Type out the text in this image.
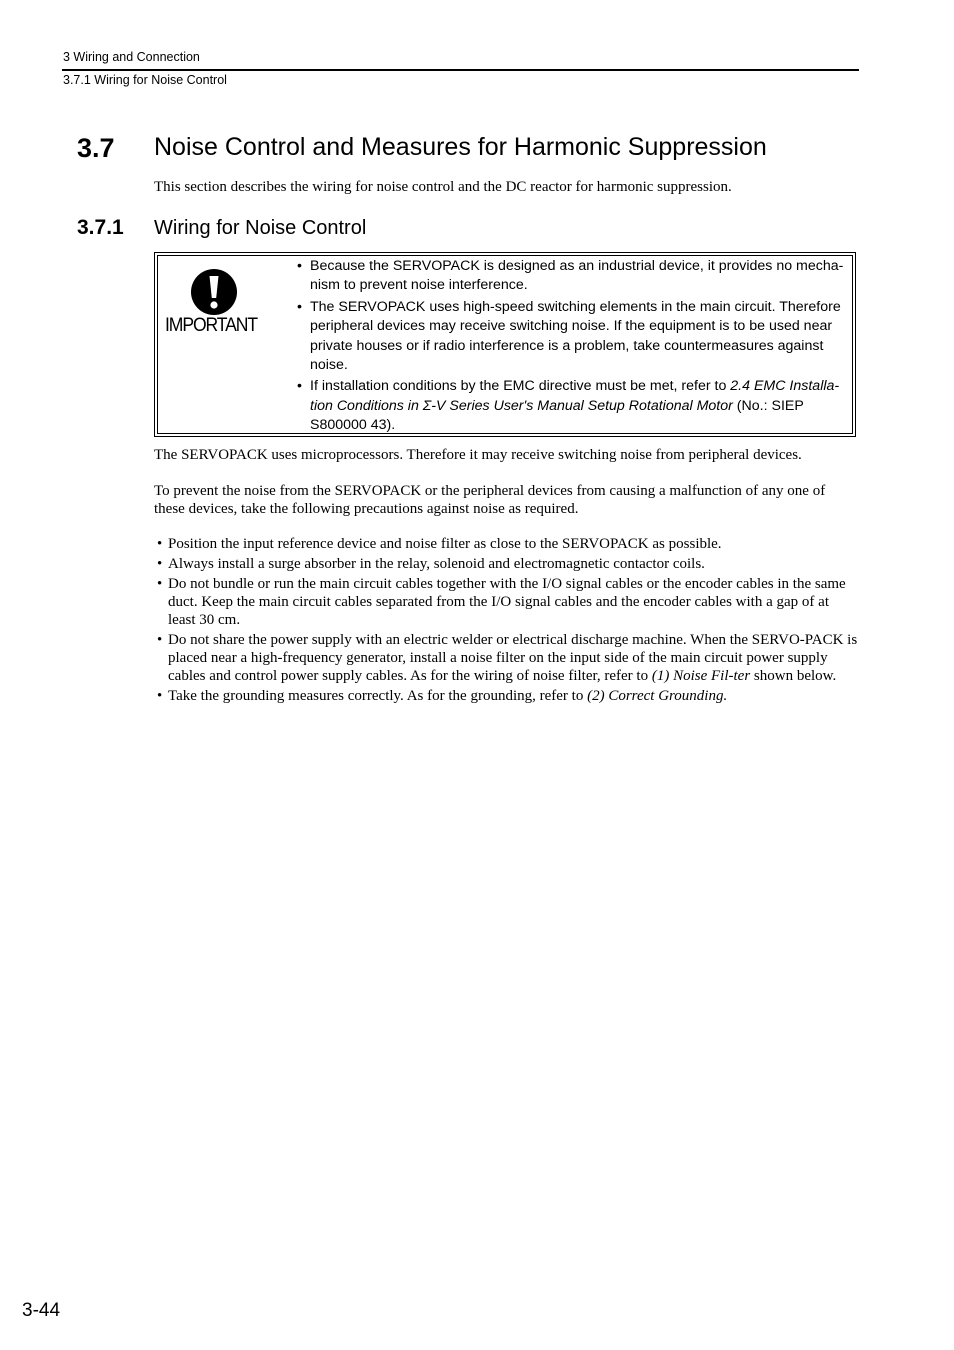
3 Wiring and Connection
3.7.1 Wiring for Noise Control
3.7 Noise Control and Measures for Harmonic Suppression
This section describes the wiring for noise control and the DC reactor for harmonic suppression.
3.7.1 Wiring for Noise Control
IMPORTANT
• Because the SERVOPACK is designed as an industrial device, it provides no mecha-nism to prevent noise interference.
• The SERVOPACK uses high-speed switching elements in the main circuit. Therefore peripheral devices may receive switching noise. If the equipment is to be used near private houses or if radio interference is a problem, take countermeasures against noise.
• If installation conditions by the EMC directive must be met, refer to 2.4 EMC Installa-tion Conditions in Σ-V Series User's Manual Setup Rotational Motor (No.: SIEP S800000 43).
The SERVOPACK uses microprocessors. Therefore it may receive switching noise from peripheral devices.
To prevent the noise from the SERVOPACK or the peripheral devices from causing a malfunction of any one of these devices, take the following precautions against noise as required.
• Position the input reference device and noise filter as close to the SERVOPACK as possible.
• Always install a surge absorber in the relay, solenoid and electromagnetic contactor coils.
• Do not bundle or run the main circuit cables together with the I/O signal cables or the encoder cables in the same duct. Keep the main circuit cables separated from the I/O signal cables and the encoder cables with a gap of at least 30 cm.
• Do not share the power supply with an electric welder or electrical discharge machine. When the SERVO-PACK is placed near a high-frequency generator, install a noise filter on the input side of the main circuit power supply cables and control power supply cables. As for the wiring of noise filter, refer to (1) Noise Fil-ter shown below.
• Take the grounding measures correctly. As for the grounding, refer to (2) Correct Grounding.
3-44
